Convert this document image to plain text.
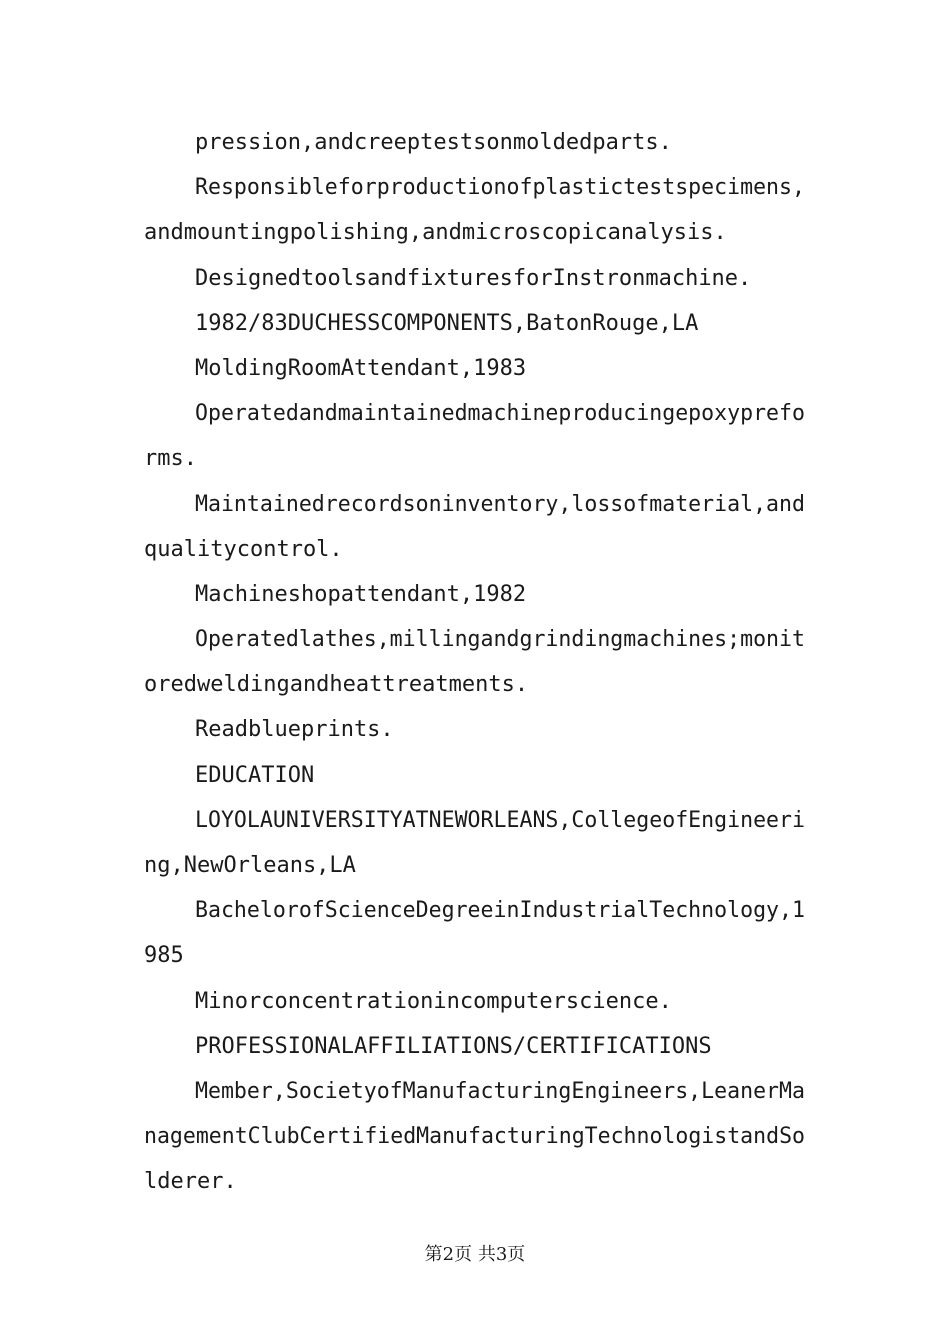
pression,andcreeptestsonmoldedparts.
Responsibleforproductionofplastictestspecimens,
andmountingpolishing,andmicroscopicanalysis.
DesignedtoolsandfixturesforInstronmachine.
1982/83DUCHESSCOMPONENTS,BatonRouge,LA
MoldingRoomAttendant,1983
Operatedandmaintainedmachineproducingepoxyprefo
rms.
Maintainedrecordsoninventory,lossofmaterial,and
qualitycontrol.
Machineshopattendant,1982
Operatedlathes,millingandgrindingmachines;monit
oredweldingandheattreatments.
Readblueprints.
EDUCATION
LOYOLAUNIVERSITYATNEWORLEANS,CollegeofEngineeri
ng,NewOrleans,LA
BachelorofScienceDegreeinIndustrialTechnology,1
985
Minorconcentrationincomputerscience.
PROFESSIONALAFFILIATIONS/CERTIFICATIONS
Member,SocietyofManufacturingEngineers,LeanerMa
nagementClubCertifiedManufacturingTechnologistandSo
lderer.
第2页 共3页
